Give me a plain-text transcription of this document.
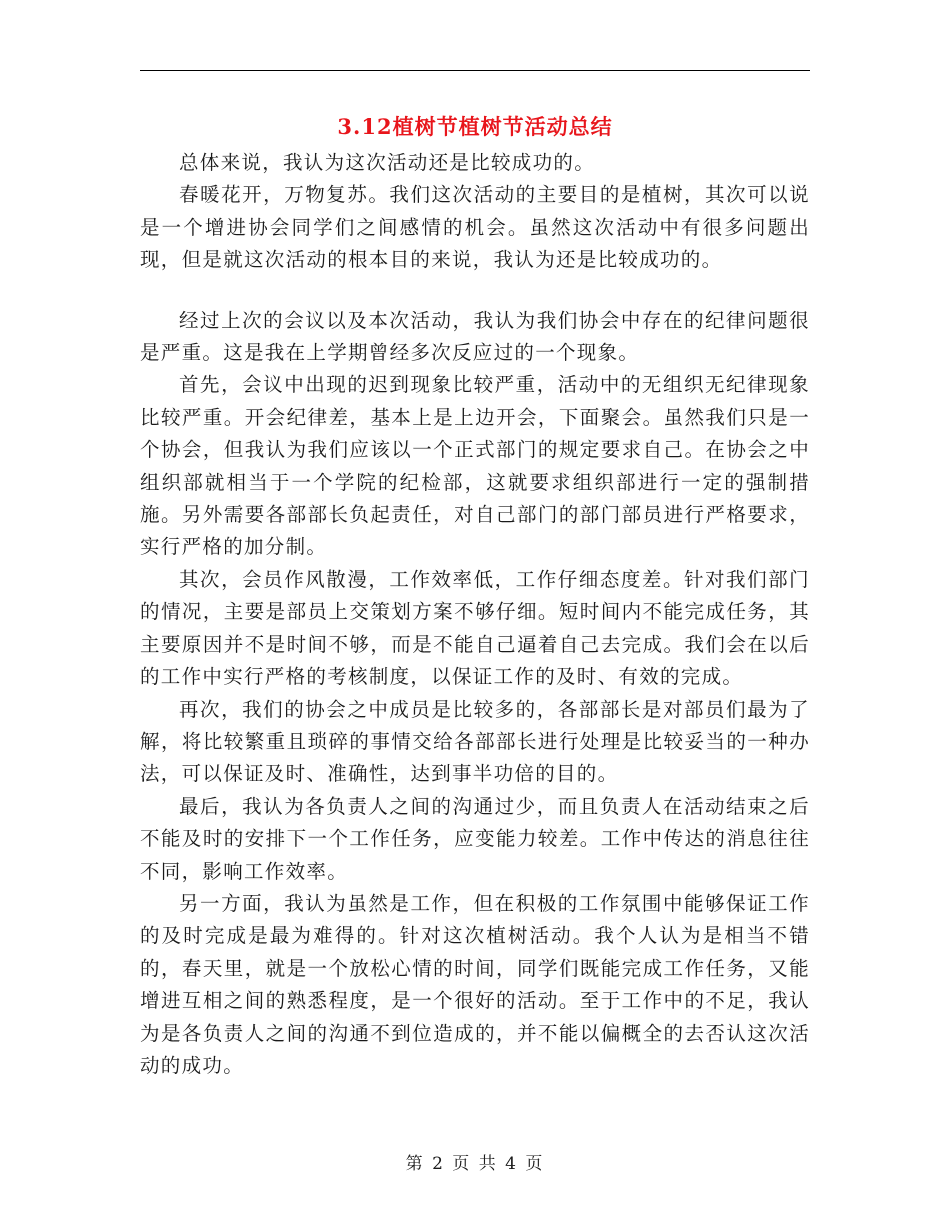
3.12植树节植树节活动总结

总体来说，我认为这次活动还是比较成功的。

春暖花开，万物复苏。我们这次活动的主要目的是植树，其次可以说是一个增进协会同学们之间感情的机会。虽然这次活动中有很多问题出现，但是就这次活动的根本目的来说，我认为还是比较成功的。

经过上次的会议以及本次活动，我认为我们协会中存在的纪律问题很是严重。这是我在上学期曾经多次反应过的一个现象。

首先，会议中出现的迟到现象比较严重，活动中的无组织无纪律现象比较严重。开会纪律差，基本上是上边开会，下面聚会。虽然我们只是一个协会，但我认为我们应该以一个正式部门的规定要求自己。在协会之中组织部就相当于一个学院的纪检部，这就要求组织部进行一定的强制措施。另外需要各部部长负起责任，对自己部门的部门部员进行严格要求，实行严格的加分制。

其次，会员作风散漫，工作效率低，工作仔细态度差。针对我们部门的情况，主要是部员上交策划方案不够仔细。短时间内不能完成任务，其主要原因并不是时间不够，而是不能自己逼着自己去完成。我们会在以后的工作中实行严格的考核制度，以保证工作的及时、有效的完成。

再次，我们的协会之中成员是比较多的，各部部长是对部员们最为了解，将比较繁重且琐碎的事情交给各部部长进行处理是比较妥当的一种办法，可以保证及时、准确性，达到事半功倍的目的。

最后，我认为各负责人之间的沟通过少，而且负责人在活动结束之后不能及时的安排下一个工作任务，应变能力较差。工作中传达的消息往往不同，影响工作效率。

另一方面，我认为虽然是工作，但在积极的工作氛围中能够保证工作的及时完成是最为难得的。针对这次植树活动。我个人认为是相当不错的，春天里，就是一个放松心情的时间，同学们既能完成工作任务，又能增进互相之间的熟悉程度，是一个很好的活动。至于工作中的不足，我认为是各负责人之间的沟通不到位造成的，并不能以偏概全的去否认这次活动的成功。

第 2 页 共 4 页
